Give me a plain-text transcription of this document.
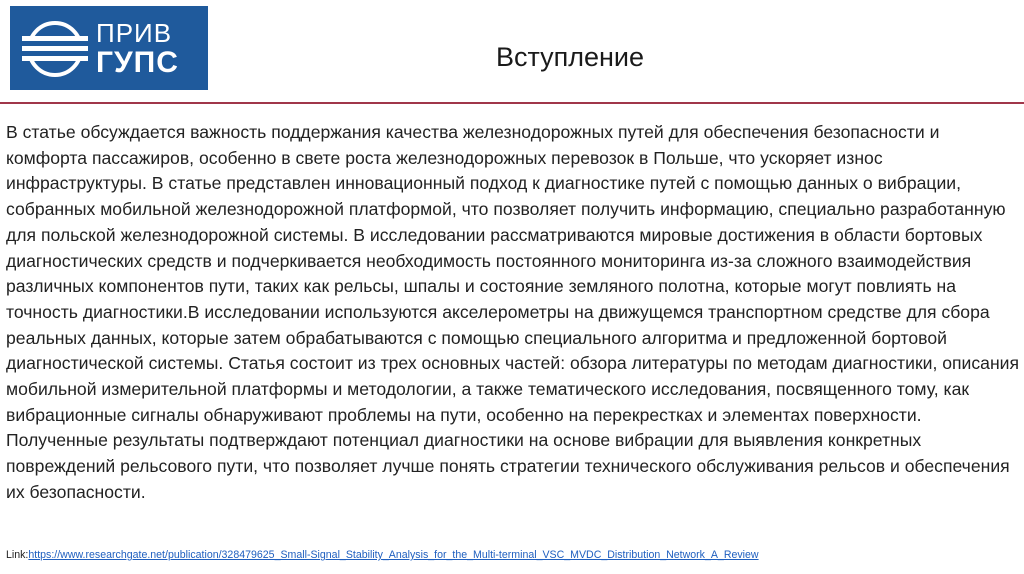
ПРИВ
ГУПС	Вступление

В статье обсуждается важность поддержания качества железнодорожных путей для обеспечения безопасности и комфорта пассажиров, особенно в свете роста железнодорожных перевозок в Польше, что ускоряет износ инфраструктуры. В статье представлен инновационный подход к диагностике путей с помощью данных о вибрации, собранных мобильной железнодорожной платформой, что позволяет получить информацию, специально разработанную для польской железнодорожной системы. В исследовании рассматриваются мировые достижения в области бортовых диагностических средств и подчеркивается необходимость постоянного мониторинга из-за сложного взаимодействия различных компонентов пути, таких как рельсы, шпалы и состояние земляного полотна, которые могут повлиять на точность диагностики.В исследовании используются акселерометры на движущемся транспортном средстве для сбора реальных данных, которые затем обрабатываются с помощью специального алгоритма и предложенной бортовой диагностической системы. Статья состоит из трех основных частей: обзора литературы по методам диагностики, описания мобильной измерительной платформы и методологии, а также тематического исследования, посвященного тому, как вибрационные сигналы обнаруживают проблемы на пути, особенно на перекрестках и элементах поверхности. Полученные результаты подтверждают потенциал диагностики на основе вибрации для выявления конкретных повреждений рельсового пути, что позволяет лучше понять стратегии технического обслуживания рельсов и обеспечения их безопасности.

Link:https://www.researchgate.net/publication/328479625_Small-Signal_Stability_Analysis_for_the_Multi-terminal_VSC_MVDC_Distribution_Network_A_Review
